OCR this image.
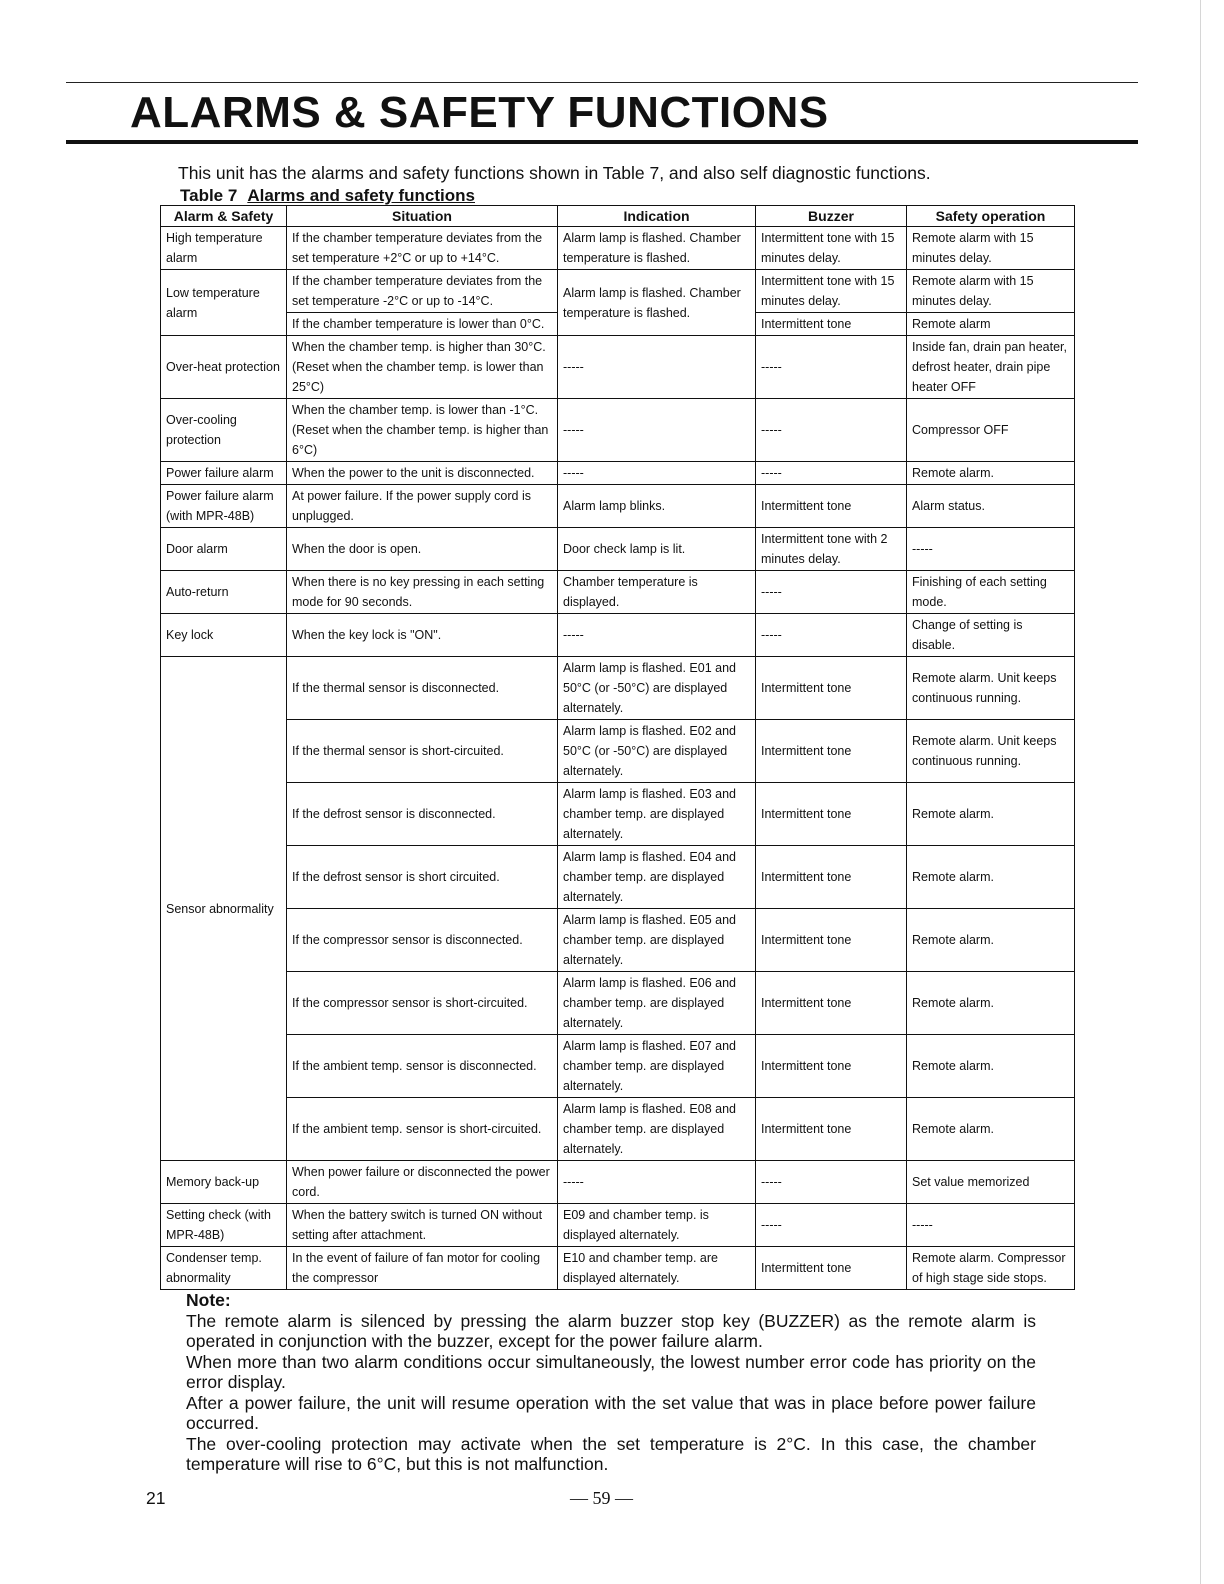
ALARMS & SAFETY FUNCTIONS
This unit has the alarms and safety functions shown in Table 7, and also self diagnostic functions.
Table 7 Alarms and safety functions
Alarm & Safety	Situation	Indication	Buzzer	Safety operation
High temperature alarm	If the chamber temperature deviates from the set temperature +2°C or up to +14°C.	Alarm lamp is flashed. Chamber temperature is flashed.	Intermittent tone with 15 minutes delay.	Remote alarm with 15 minutes delay.
Low temperature alarm	If the chamber temperature deviates from the set temperature -2°C or up to -14°C.	Alarm lamp is flashed. Chamber temperature is flashed.	Intermittent tone with 15 minutes delay.	Remote alarm with 15 minutes delay.
	If the chamber temperature is lower than 0°C.		Intermittent tone	Remote alarm
Over-heat protection	When the chamber temp. is higher than 30°C. (Reset when the chamber temp. is lower than 25°C)	-----	-----	Inside fan, drain pan heater, defrost heater, drain pipe heater OFF
Over-cooling protection	When the chamber temp. is lower than -1°C. (Reset when the chamber temp. is higher than 6°C)	-----	-----	Compressor OFF
Power failure alarm	When the power to the unit is disconnected.	-----	-----	Remote alarm.
Power failure alarm (with MPR-48B)	At power failure. If the power supply cord is unplugged.	Alarm lamp blinks.	Intermittent tone	Alarm status.
Door alarm	When the door is open.	Door check lamp is lit.	Intermittent tone with 2 minutes delay.	-----
Auto-return	When there is no key pressing in each setting mode for 90 seconds.	Chamber temperature is displayed.	-----	Finishing of each setting mode.
Key lock	When the key lock is "ON".	-----	-----	Change of setting is disable.
Sensor abnormality	If the thermal sensor is disconnected.	Alarm lamp is flashed. E01 and 50°C (or -50°C) are displayed alternately.	Intermittent tone	Remote alarm. Unit keeps continuous running.
	If the thermal sensor is short-circuited.	Alarm lamp is flashed. E02 and 50°C (or -50°C) are displayed alternately.	Intermittent tone	Remote alarm. Unit keeps continuous running.
	If the defrost sensor is disconnected.	Alarm lamp is flashed. E03 and chamber temp. are displayed alternately.	Intermittent tone	Remote alarm.
	If the defrost sensor is short circuited.	Alarm lamp is flashed. E04 and chamber temp. are displayed alternately.	Intermittent tone	Remote alarm.
	If the compressor sensor is disconnected.	Alarm lamp is flashed. E05 and chamber temp. are displayed alternately.	Intermittent tone	Remote alarm.
	If the compressor sensor is short-circuited.	Alarm lamp is flashed. E06 and chamber temp. are displayed alternately.	Intermittent tone	Remote alarm.
	If the ambient temp. sensor is disconnected.	Alarm lamp is flashed. E07 and chamber temp. are displayed alternately.	Intermittent tone	Remote alarm.
	If the ambient temp. sensor is short-circuited.	Alarm lamp is flashed. E08 and chamber temp. are displayed alternately.	Intermittent tone	Remote alarm.
Memory back-up	When power failure or disconnected the power cord.	-----	-----	Set value memorized
Setting check (with MPR-48B)	When the battery switch is turned ON without setting after attachment.	E09 and chamber temp. is displayed alternately.	-----	-----
Condenser temp. abnormality	In the event of failure of fan motor for cooling the compressor	E10 and chamber temp. are displayed alternately.	Intermittent tone	Remote alarm. Compressor of high stage side stops.
Note:

The remote alarm is silenced by pressing the alarm buzzer stop key (BUZZER) as the remote alarm is operated in conjunction with the buzzer, except for the power failure alarm.

When more than two alarm conditions occur simultaneously, the lowest number error code has priority on the error display.

After a power failure, the unit will resume operation with the set value that was in place before power failure occurred.

The over-cooling protection may activate when the set temperature is 2°C. In this case, the chamber temperature will rise to 6°C, but this is not malfunction.

21	— 59 —
